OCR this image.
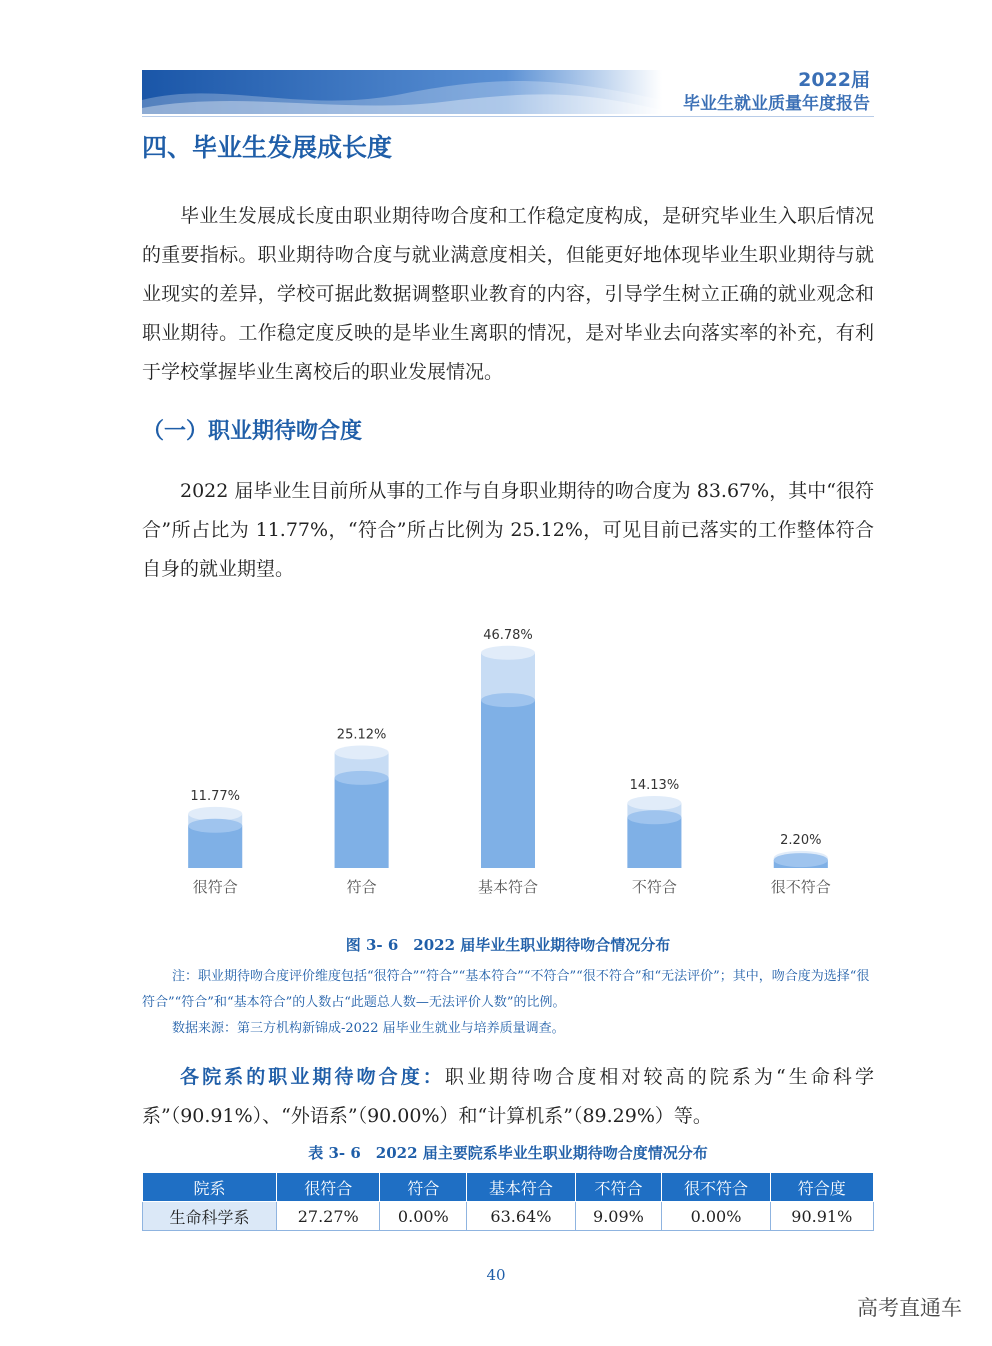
2022届
毕业生就业质量年度报告
四、毕业生发展成长度

毕业生发展成长度由职业期待吻合度和工作稳定度构成，是研究毕业生入职后情况的重要指标。职业期待吻合度与就业满意度相关，但能更好地体现毕业生职业期待与就业现实的差异，学校可据此数据调整职业教育的内容，引导学生树立正确的就业观念和职业期待。工作稳定度反映的是毕业生离职的情况，是对毕业去向落实率的补充，有利于学校掌握毕业生离校后的职业发展情况。

（一）职业期待吻合度

2022 届毕业生目前所从事的工作与自身职业期待的吻合度为 83.67%，其中“很符合”所占比为 11.77%，“符合”所占比例为 25.12%，可见目前已落实的工作整体符合自身的就业期望。

11.77%
很符合
25.12%
符合
46.78%
基本符合
14.13%
不符合
2.20%
很不符合
图 3- 6　2022 届毕业生职业期待吻合情况分布
注：职业期待吻合度评价维度包括“很符合”“符合”“基本符合”“不符合”“很不符合”和“无法评价”；其中，吻合度为选择“很符合”“符合”和“基本符合”的人数占“此题总人数—无法评价人数”的比例。
数据来源：第三方机构新锦成-2022 届毕业生就业与培养质量调查。

各院系的职业期待吻合度：职业期待吻合度相对较高的院系为“生命科学系”（90.91%）、“外语系”（90.00%）和“计算机系”（89.29%）等。

表 3- 6　2022 届主要院系毕业生职业期待吻合度情况分布
院系	很符合	符合	基本符合	不符合	很不符合	符合度
生命科学系	27.27%	0.00%	63.64%	9.09%	0.00%	90.91%
40
高考直通车
